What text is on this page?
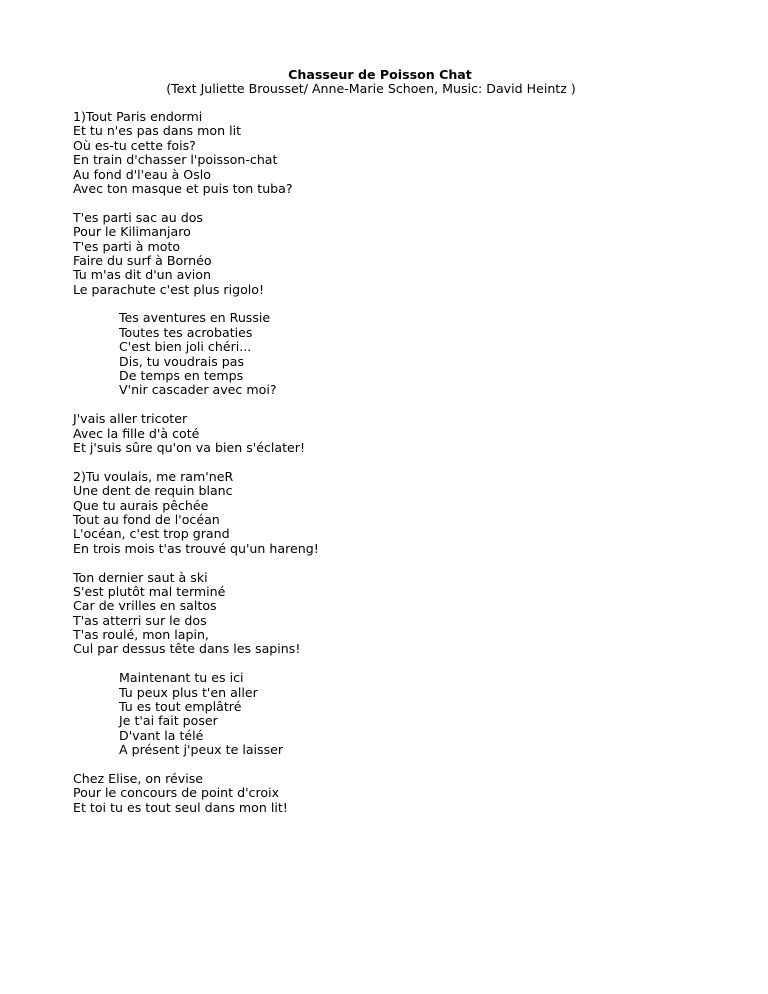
Chasseur de Poisson Chat
(Text Juliette Brousset/ Anne-Marie Schoen, Music: David Heintz )
1)Tout Paris endormi
Et tu n'es pas dans mon lit
Où es-tu cette fois?
En train d'chasser l'poisson-chat
Au fond d'l'eau à Oslo
Avec ton masque et puis ton tuba?
T'es parti sac au dos
Pour le Kilimanjaro
T'es parti à moto
Faire du surf à Bornéo
Tu m'as dit d'un avion
Le parachute c'est plus rigolo!
Tes aventures en Russie
Toutes tes acrobaties
C'est bien joli chéri...
Dis, tu voudrais pas
De temps en temps
V'nir cascader avec moi?
J'vais aller tricoter
Avec la fille d'à coté
Et j'suis sûre qu'on va bien s'éclater!
2)Tu voulais, me ram'neR
Une dent de requin blanc
Que tu aurais pêchée
Tout au fond de l'océan
L'océan, c'est trop grand
En trois mois t'as trouvé qu'un hareng!
Ton dernier saut à ski
S'est plutôt mal terminé
Car de vrilles en saltos
T'as atterri sur le dos
T'as roulé, mon lapin,
Cul par dessus tête dans les sapins!
Maintenant tu es ici
Tu peux plus t'en aller
Tu es tout emplâtré
Je t'ai fait poser
D'vant la télé
A présent j'peux te laisser
Chez Elise, on révise
Pour le concours de point d'croix
Et toi tu es tout seul dans mon lit!
